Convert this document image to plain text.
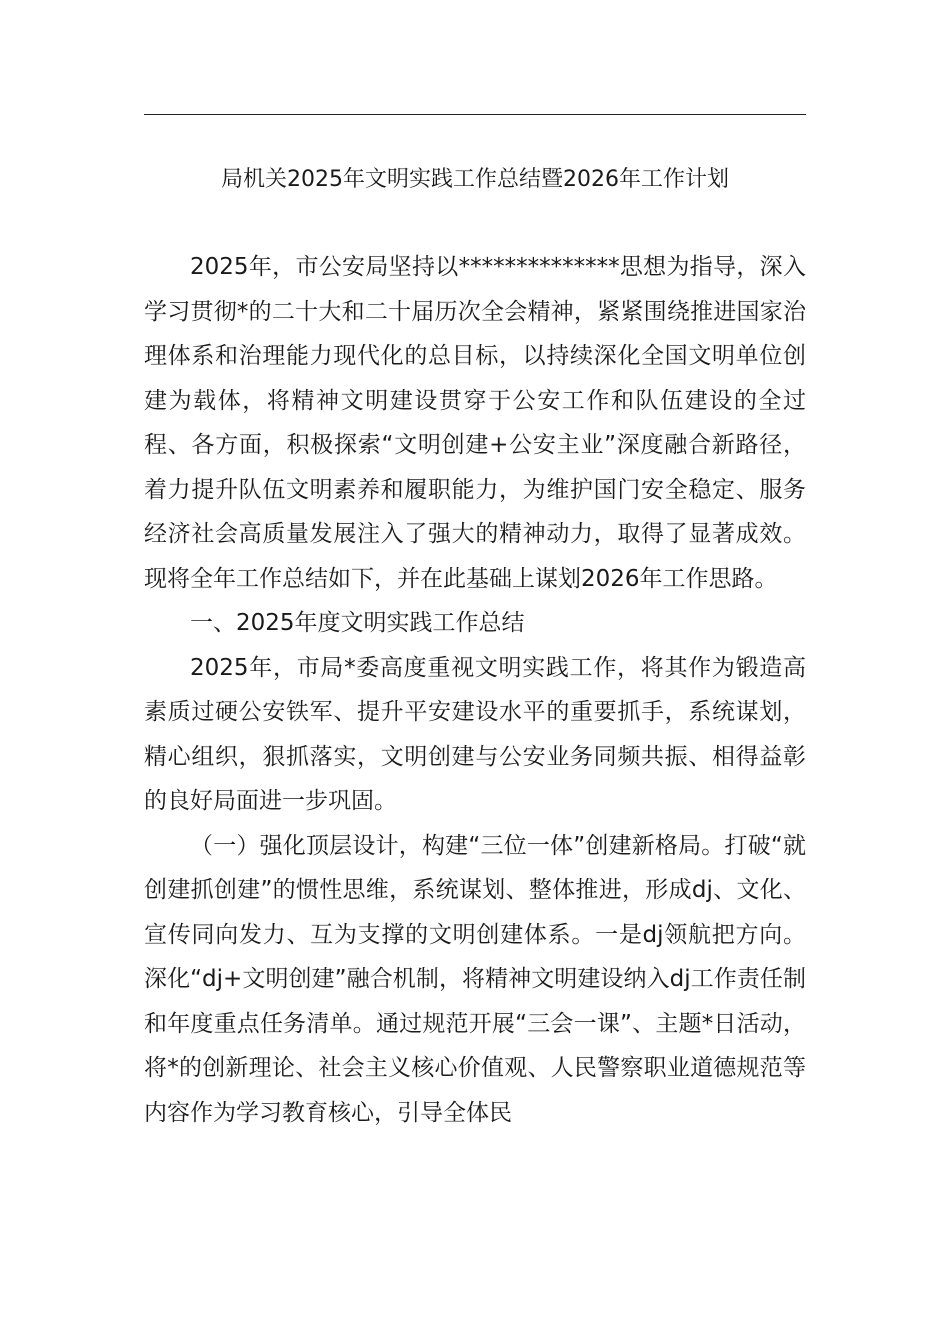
局机关2025年文明实践工作总结暨2026年工作计划

2025年，市公安局坚持以**************思想为指导，深入学习贯彻*的二十大和二十届历次全会精神，紧紧围绕推进国家治理体系和治理能力现代化的总目标，以持续深化全国文明单位创建为载体，将精神文明建设贯穿于公安工作和队伍建设的全过程、各方面，积极探索“文明创建+公安主业”深度融合新路径，着力提升队伍文明素养和履职能力，为维护国门安全稳定、服务经济社会高质量发展注入了强大的精神动力，取得了显著成效。现将全年工作总结如下，并在此基础上谋划2026年工作思路。

一、2025年度文明实践工作总结

2025年，市局*委高度重视文明实践工作，将其作为锻造高素质过硬公安铁军、提升平安建设水平的重要抓手，系统谋划，精心组织，狠抓落实，文明创建与公安业务同频共振、相得益彰的良好局面进一步巩固。

（一）强化顶层设计，构建“三位一体”创建新格局。打破“就创建抓创建”的惯性思维，系统谋划、整体推进，形成dj、文化、宣传同向发力、互为支撑的文明创建体系。一是dj领航把方向。深化“dj+文明创建”融合机制，将精神文明建设纳入dj工作责任制和年度重点任务清单。通过规范开展“三会一课”、主题*日活动，将*的创新理论、社会主义核心价值观、人民警察职业道德规范等内容作为学习教育核心，引导全体民
